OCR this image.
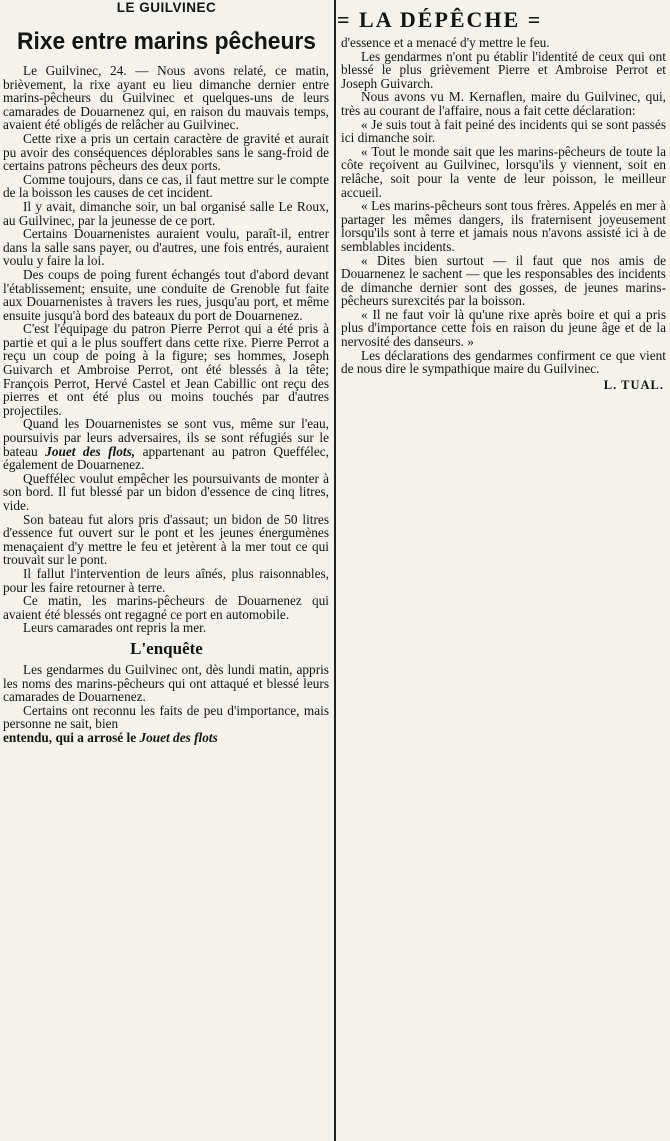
LE GUILVINEC
Rixe entre marins pêcheurs

Le Guilvinec, 24. — Nous avons relaté, ce matin, brièvement, la rixe ayant eu lieu dimanche dernier entre marins-pêcheurs du Guilvinec et quelques-uns de leurs camarades de Douarnenez qui, en raison du mauvais temps, avaient été obligés de relâcher au Guilvinec.

Cette rixe a pris un certain caractère de gravité et aurait pu avoir des conséquences déplorables sans le sang-froid de certains patrons pêcheurs des deux ports.

Comme toujours, dans ce cas, il faut mettre sur le compte de la boisson les causes de cet incident.

Il y avait, dimanche soir, un bal organisé salle Le Roux, au Guilvinec, par la jeunesse de ce port.

Certains Douarnenistes auraient voulu, paraît-il, entrer dans la salle sans payer, ou d'autres, une fois entrés, auraient voulu y faire la loi.

Des coups de poing furent échangés tout d'abord devant l'établissement; ensuite, une conduite de Grenoble fut faite aux Douarnenistes à travers les rues, jusqu'au port, et même ensuite jusqu'à bord des bateaux du port de Douarnenez.

C'est l'équipage du patron Pierre Perrot qui a été pris à partie et qui a le plus souffert dans cette rixe. Pierre Perrot a reçu un coup de poing à la figure; ses hommes, Joseph Guivarch et Ambroise Perrot, ont été blessés à la tête; François Perrot, Hervé Castel et Jean Cabillic ont reçu des pierres et ont été plus ou moins touchés par d'autres projectiles.

Quand les Douarnenistes se sont vus, même sur l'eau, poursuivis par leurs adversaires, ils se sont réfugiés sur le bateau Jouet des flots, appartenant au patron Queffélec, également de Douarnenez.

Queffélec voulut empêcher les poursuivants de monter à son bord. Il fut blessé par un bidon d'essence de cinq litres, vide.

Son bateau fut alors pris d'assaut; un bidon de 50 litres d'essence fut ouvert sur le pont et les jeunes énergumènes menaçaient d'y mettre le feu et jetèrent à la mer tout ce qui trouvait sur le pont.

Il fallut l'intervention de leurs aînés, plus raisonnables, pour les faire retourner à terre.

Ce matin, les marins-pêcheurs de Douarnenez qui avaient été blessés ont regagné ce port en automobile.

Leurs camarades ont repris la mer.

L'enquête

Les gendarmes du Guilvinec ont, dès lundi matin, appris les noms des marins-pêcheurs qui ont attaqué et blessé leurs camarades de Douarnenez.

Certains ont reconnu les faits de peu d'importance, mais personne ne sait, bien

entendu, qui a arrosé le Jouet des flots

= LA DÉPÊCHE =

d'essence et a menacé d'y mettre le feu.

Les gendarmes n'ont pu établir l'identité de ceux qui ont blessé le plus grièvement Pierre et Ambroise Perrot et Joseph Guivarch.

Nous avons vu M. Kernaflen, maire du Guilvinec, qui, très au courant de l'affaire, nous a fait cette déclaration:

« Je suis tout à fait peiné des incidents qui se sont passés ici dimanche soir.

« Tout le monde sait que les marins-pêcheurs de toute la côte reçoivent au Guilvinec, lorsqu'ils y viennent, soit en relâche, soit pour la vente de leur poisson, le meilleur accueil.

« Les marins-pêcheurs sont tous frères. Appelés en mer à partager les mêmes dangers, ils fraternisent joyeusement lorsqu'ils sont à terre et jamais nous n'avons assisté ici à de semblables incidents.

« Dites bien surtout — il faut que nos amis de Douarnenez le sachent — que les responsables des incidents de dimanche dernier sont des gosses, de jeunes marins-pêcheurs surexcités par la boisson.

« Il ne faut voir là qu'une rixe après boire et qui a pris plus d'importance cette fois en raison du jeune âge et de la nervosité des danseurs. »

Les déclarations des gendarmes confirment ce que vient de nous dire le sympathique maire du Guilvinec.

L. TUAL.
